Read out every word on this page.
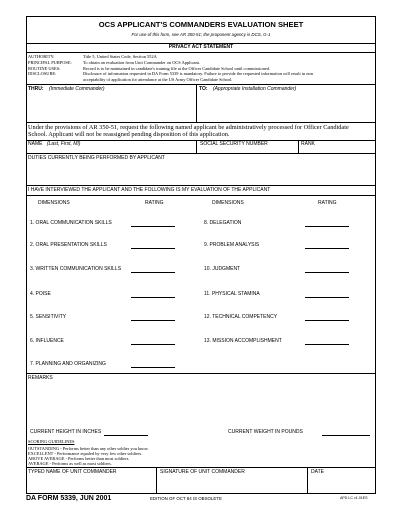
OCS APPLICANT'S COMMANDERS EVALUATION SHEET
For use of this form, see AR 350-51; the proponent agency is DCS, G-1
PRIVACY ACT STATEMENT
AUTHORITY:	Title 5, United States Code, Section 552A
PRINCIPAL PURPOSE:	To obtain an evaluation from Unit Commander on OCS Applicant.
ROUTINE USES:	Record is to be maintained in candidate's training file at the Officer Candidate School until commissioned.
DISCLOSURE:	Disclosure of information requested in DA Form 5339 is mandatory. Failure to provide the requested information will result in non
acceptability of application for attendance at the US Army Officer Candidate School.
THRU: (Immediate Commander)	TO: (Appropriate Installation Commander)
Under the provisions of AR 350-51, request the following named applicant be administratively processed for Officer Candidate
School. Applicant will not be reassigned pending disposition of this application.
NAME (Last, First, MI)	SOCIAL SECURITY NUMBER	RANK
DUTIES CURRENTLY BEING PERFORMED BY APPLICANT
I HAVE INTERVIEWED THE APPLICANT AND THE FOLLOWING IS MY EVALUATION OF THE APPLICANT
DIMENSIONS	RATING	DIMENSIONS	RATING
1. ORAL COMMUNICATION SKILLS
2. ORAL PRESENTATION SKILLS
3. WRITTEN COMMUNICATION SKILLS
4. POISE
5. SENSITIVITY
6. INFLUENCE
7. PLANNING AND ORGANIZING
8. DELEGATION
9. PROBLEM ANALYSIS
10. JUDGMENT
11. PHYSICAL STAMINA
12. TECHNICAL COMPETENCY
13. MISSION ACCOMPLISHMENT
REMARKS
CURRENT HEIGHT IN INCHES	CURRENT WEIGHT IN POUNDS
SCORING GUIDELINES
OUTSTANDING - Performs better than any other soldier you know.
EXCELLENT - Performance equaled by very few other soldiers.
ABOVE AVERAGE - Performs better than most soldiers.
AVERAGE - Performs as well as most soldiers.
TYPED NAME OF UNIT COMMANDER	SIGNATURE OF UNIT COMMANDER	DATE
DA FORM 5339, JUN 2001	EDITION OF OCT 84 IS OBSOLETE	APD LC v1.01ES
